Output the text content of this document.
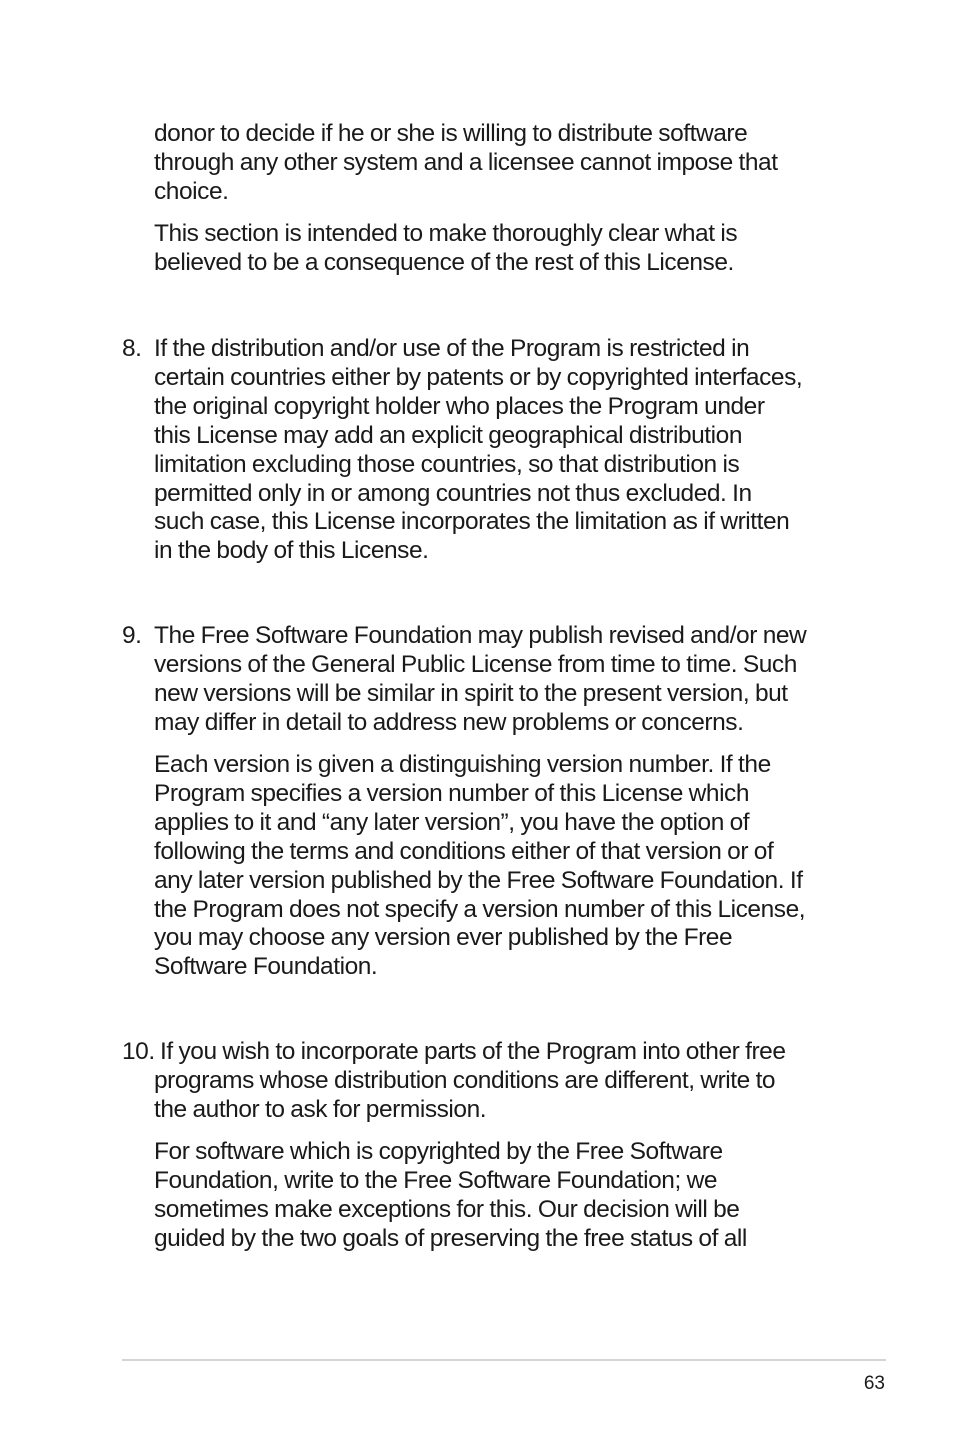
donor to decide if he or she is willing to distribute software
through any other system and a licensee cannot impose that
choice.

This section is intended to make thoroughly clear what is
believed to be a consequence of the rest of this License.

8. If the distribution and/or use of the Program is restricted in
certain countries either by patents or by copyrighted interfaces,
the original copyright holder who places the Program under
this License may add an explicit geographical distribution
limitation excluding those countries, so that distribution is
permitted only in or among countries not thus excluded. In
such case, this License incorporates the limitation as if written
in the body of this License.

9. The Free Software Foundation may publish revised and/or new
versions of the General Public License from time to time. Such
new versions will be similar in spirit to the present version, but
may differ in detail to address new problems or concerns.

Each version is given a distinguishing version number. If the
Program specifies a version number of this License which
applies to it and “any later version”, you have the option of
following the terms and conditions either of that version or of
any later version published by the Free Software Foundation. If
the Program does not specify a version number of this License,
you may choose any version ever published by the Free
Software Foundation.

10. If you wish to incorporate parts of the Program into other free

programs whose distribution conditions are different, write to
the author to ask for permission.

For software which is copyrighted by the Free Software
Foundation, write to the Free Software Foundation; we
sometimes make exceptions for this. Our decision will be
guided by the two goals of preserving the free status of all

63
